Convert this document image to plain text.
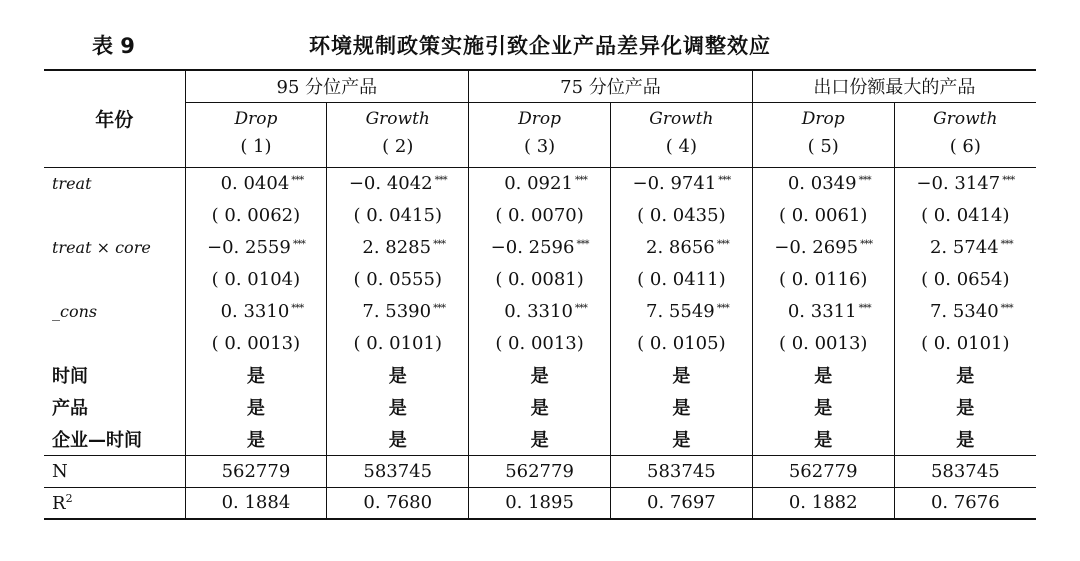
表 9	环境规制政策实施引致企业产品差异化调整效应
年份	95 分位产品		75 分位产品		出口份额最大的产品	
	Drop	Growth	Drop	Growth	Drop	Growth
	( 1)	( 2)	( 3)	( 4)	( 5)	( 6)
treat	0. 0404 ***	−0. 4042 ***	0. 0921 ***	−0. 9741 ***	0. 0349 ***	−0. 3147 ***
	( 0. 0062)	( 0. 0415)	( 0. 0070)	( 0. 0435)	( 0. 0061)	( 0. 0414)
treat × core	−0. 2559 ***	2. 8285 ***	−0. 2596 ***	2. 8656 ***	−0. 2695 ***	2. 5744 ***
	( 0. 0104)	( 0. 0555)	( 0. 0081)	( 0. 0411)	( 0. 0116)	( 0. 0654)
_cons	0. 3310 ***	7. 5390 ***	0. 3310 ***	7. 5549 ***	0. 3311 ***	7. 5340 ***
	( 0. 0013)	( 0. 0101)	( 0. 0013)	( 0. 0105)	( 0. 0013)	( 0. 0101)
时间	是	是	是	是	是	是
产品	是	是	是	是	是	是
企业—时间	是	是	是	是	是	是
N	562779	583745	562779	583745	562779	583745
$R^2$	0. 1884	0. 7680	0. 1895	0. 7697	0. 1882	0. 7676
